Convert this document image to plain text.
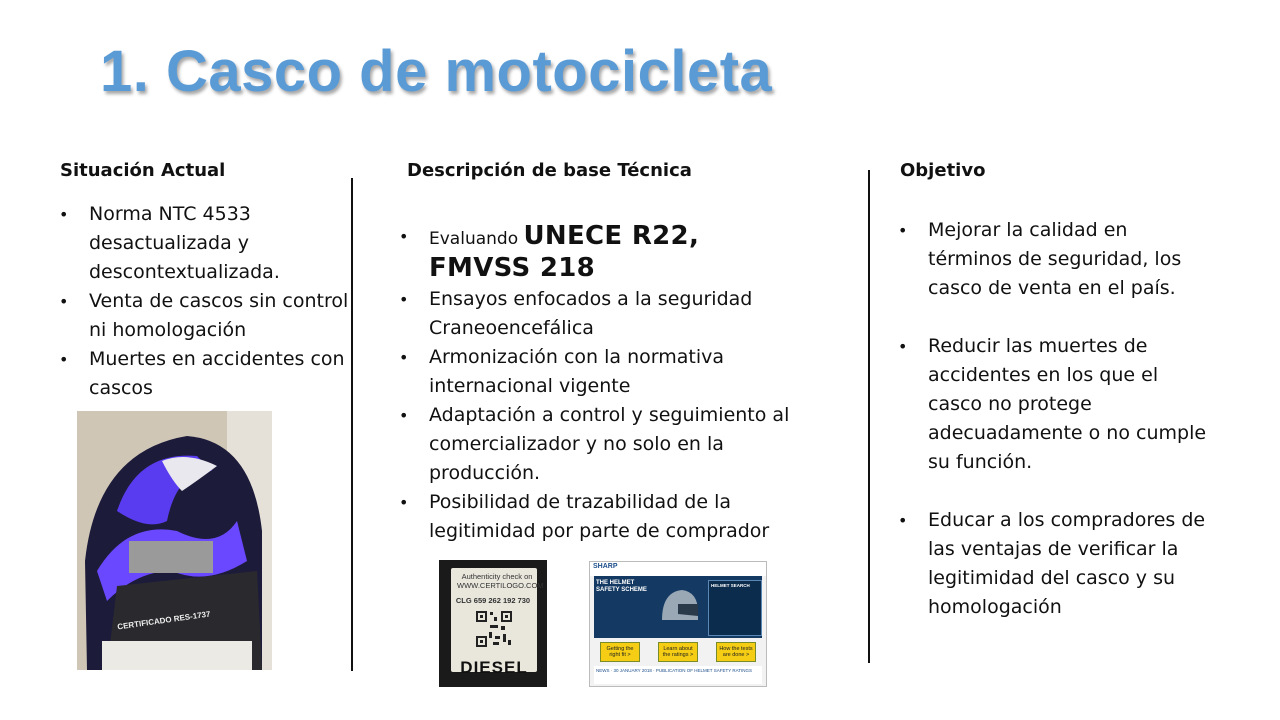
1. Casco de motocicleta
Situación Actual	Descripción de base Técnica	Objetivo
• Norma NTC 4533 desactualizada y descontextualizada.
• Venta de cascos sin control ni homologación
• Muertes en accidentes con cascos
CERTIFICADO RES-1737
• Evaluando UNECE R22, FMVSS 218
• Ensayos enfocados a la seguridad Craneoencefálica
• Armonización con la normativa internacional vigente
• Adaptación a control y seguimiento al comercializador y no solo en la producción.
• Posibilidad de trazabilidad de la legitimidad por parte de comprador
Authenticity check on WWW.CERTILOGO.COM
CLG 659 262 192 730
DIESEL
SHARP
THE HELMET SAFETY SCHEME
HELMET SEARCH
Getting the right fit >
Learn about the ratings >
How the tests are done >
NEWS · 30 JANUARY 2018 · PUBLICATION OF HELMET SAFETY RATINGS
• Mejorar la calidad en términos de seguridad, los casco de venta en el país.
• Reducir las muertes de accidentes en los que el casco no protege adecuadamente o no cumple su función.
• Educar a los compradores de las ventajas de verificar la legitimidad del casco y su homologación
